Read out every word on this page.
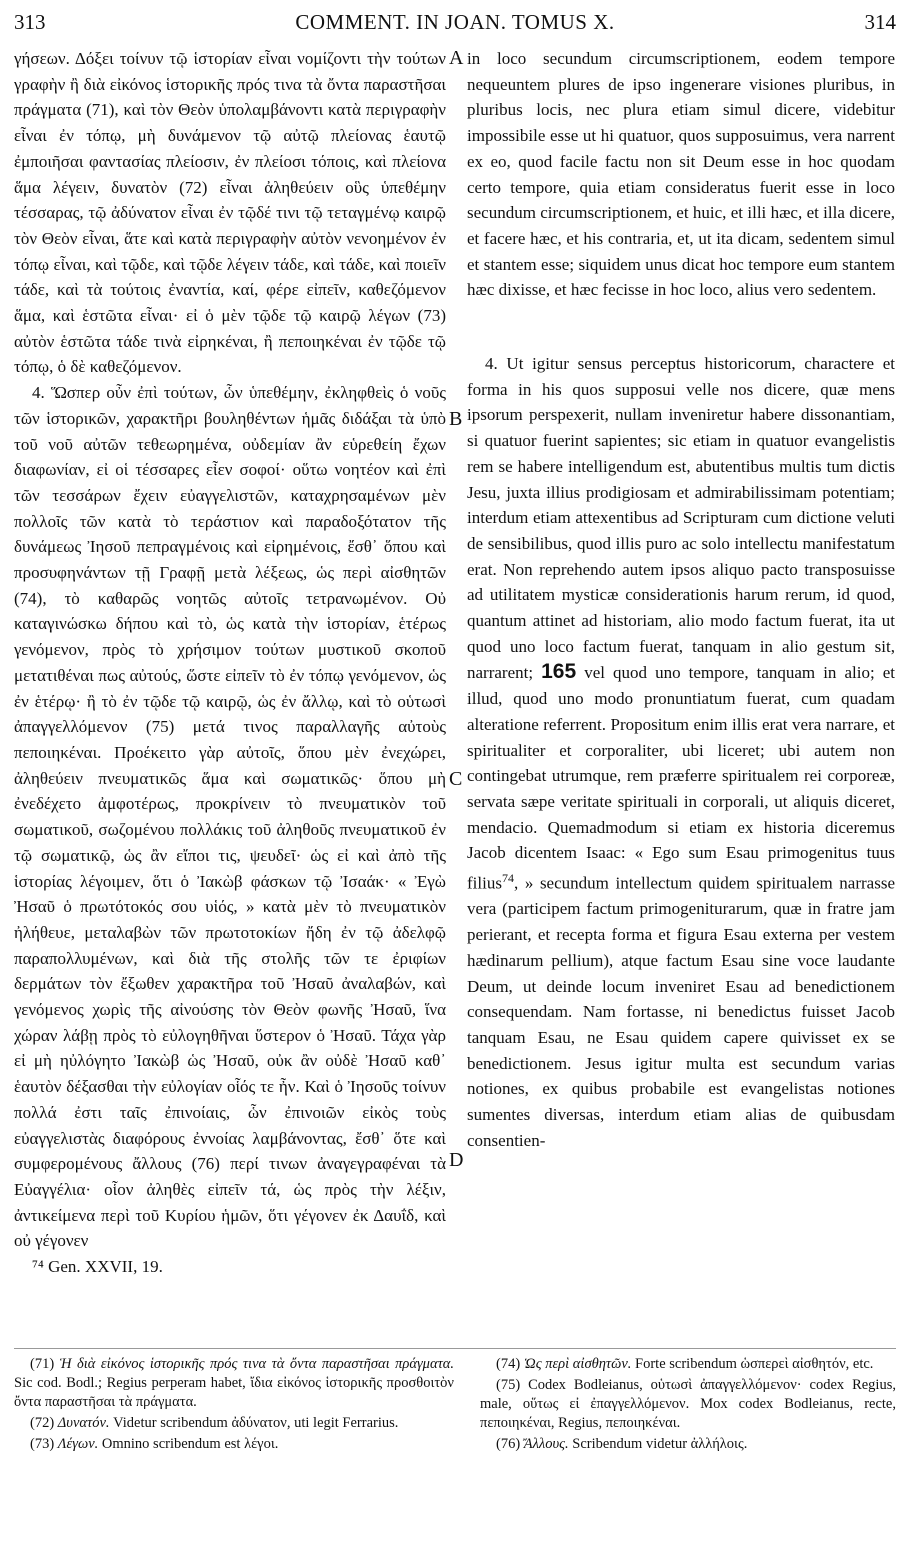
313	COMMENT. IN JOAN. TOMUS X.	314
A
B
C
D

γήσεων. Δόξει τοίνυν τῷ ἱστορίαν εἶναι νομίζοντι τὴν τούτων γραφὴν ἢ διὰ εἰκόνος ἱστορικῆς πρός τινα τὰ ὄντα παραστῆσαι πράγματα (71), καὶ τὸν Θεὸν ὑπολαμβάνοντι κατὰ περιγραφὴν εἶναι ἐν τόπῳ, μὴ δυνάμενον τῷ αὐτῷ πλείονας ἑαυτῷ ἐμποιῆσαι φαντασίας πλείοσιν, ἐν πλείοσι τόποις, καὶ πλείονα ἅμα λέγειν, δυνατὸν (72) εἶναι ἀληθεύειν οὓς ὑπεθέμην τέσσαρας, τῷ ἀδύνατον εἶναι ἐν τῷδέ τινι τῷ τεταγμένῳ καιρῷ τὸν Θεὸν εἶναι, ἅτε καὶ κατὰ περιγραφὴν αὐτὸν νενοημένον ἐν τόπῳ εἶναι, καὶ τῷδε, καὶ τῷδε λέγειν τάδε, καὶ τάδε, καὶ ποιεῖν τάδε, καὶ τὰ τούτοις ἐναντία, καί, φέρε εἰπεῖν, καθεζόμενον ἅμα, καὶ ἑστῶτα εἶναι· εἰ ὁ μὲν τῷδε τῷ καιρῷ λέγων (73) αὐτὸν ἑστῶτα τάδε τινὰ εἰρηκέναι, ἢ πεποιηκέναι ἐν τῷδε τῷ τόπῳ, ὁ δὲ καθεζόμενον.

4. Ὥσπερ οὖν ἐπὶ τούτων, ὧν ὑπεθέμην, ἐκληφθεὶς ὁ νοῦς τῶν ἱστορικῶν, χαρακτῆρι βουληθέντων ἡμᾶς διδάξαι τὰ ὑπὸ τοῦ νοῦ αὐτῶν τεθεωρημένα, οὐδεμίαν ἂν εὑρεθείη ἔχων διαφωνίαν, εἰ οἱ τέσσαρες εἶεν σοφοί· οὕτω νοητέον καὶ ἐπὶ τῶν τεσσάρων ἔχειν εὐαγγελιστῶν, καταχρησαμένων μὲν πολλοῖς τῶν κατὰ τὸ τεράστιον καὶ παραδοξότατον τῆς δυνάμεως Ἰησοῦ πεπραγμένοις καὶ εἰρημένοις, ἔσθ᾽ ὅπου καὶ προσυφηνάντων τῇ Γραφῇ μετὰ λέξεως, ὡς περὶ αἰσθητῶν (74), τὸ καθαρῶς νοητῶς αὐτοῖς τετρανωμένον. Οὐ καταγινώσκω δήπου καὶ τὸ, ὡς κατὰ τὴν ἱστορίαν, ἑτέρως γενόμενον, πρὸς τὸ χρήσιμον τούτων μυστικοῦ σκοποῦ μετατιθέναι πως αὐτούς, ὥστε εἰπεῖν τὸ ἐν τόπῳ γενόμενον, ὡς ἐν ἑτέρῳ· ἢ τὸ ἐν τῷδε τῷ καιρῷ, ὡς ἐν ἄλλῳ, καὶ τὸ οὑτωσὶ ἀπαγγελλόμενον (75) μετά τινος παραλλαγῆς αὐτοὺς πεποιηκέναι. Προέκειτο γὰρ αὐτοῖς, ὅπου μὲν ἐνεχώρει, ἀληθεύειν πνευματικῶς ἅμα καὶ σωματικῶς· ὅπου μὴ ἐνεδέχετο ἀμφοτέρως, προκρίνειν τὸ πνευματικὸν τοῦ σωματικοῦ, σωζομένου πολλάκις τοῦ ἀληθοῦς πνευματικοῦ ἐν τῷ σωματικῷ, ὡς ἂν εἴποι τις, ψευδεῖ· ὡς εἰ καὶ ἀπὸ τῆς ἱστορίας λέγοιμεν, ὅτι ὁ Ἰακὼβ φάσκων τῷ Ἰσαάκ· « Ἐγὼ Ἠσαῦ ὁ πρωτότοκός σου υἱός, » κατὰ μὲν τὸ πνευματικὸν ἠλήθευε, μεταλαβὼν τῶν πρωτοτοκίων ἤδη ἐν τῷ ἀδελφῷ παραπολλυμένων, καὶ διὰ τῆς στολῆς τῶν τε ἐριφίων δερμάτων τὸν ἔξωθεν χαρακτῆρα τοῦ Ἠσαῦ ἀναλαβών, καὶ γενόμενος χωρὶς τῆς αἰνούσης τὸν Θεὸν φωνῆς Ἠσαῦ, ἵνα χώραν λάβῃ πρὸς τὸ εὐλογηθῆναι ὕστερον ὁ Ἠσαῦ. Τάχα γὰρ εἰ μὴ ηὐλόγητο Ἰακὼβ ὡς Ἠσαῦ, οὐκ ἂν οὐδὲ Ἠσαῦ καθ᾽ ἑαυτὸν δέξασθαι τὴν εὐλογίαν οἷός τε ἦν. Καὶ ὁ Ἰησοῦς τοίνυν πολλά ἐστι ταῖς ἐπινοίαις, ὧν ἐπινοιῶν εἰκὸς τοὺς εὐαγγελιστὰς διαφόρους ἐννοίας λαμβάνοντας, ἔσθ᾽ ὅτε καὶ συμφερομένους ἄλλους (76) περί τινων ἀναγεγραφέναι τὰ Εὐαγγέλια· οἷον ἀληθὲς εἰπεῖν τά, ὡς πρὸς τὴν λέξιν, ἀντικείμενα περὶ τοῦ Κυρίου ἡμῶν, ὅτι γέγονεν ἐκ Δαυΐδ, καὶ οὐ γέγονεν

⁷⁴ Gen. XXVII, 19.

in loco secundum circumscriptionem, eodem tempore nequeuntem plures de ipso ingenerare visiones pluribus, in pluribus locis, nec plura etiam simul dicere, videbitur impossibile esse ut hi quatuor, quos supposuimus, vera narrent ex eo, quod facile factu non sit Deum esse in hoc quodam certo tempore, quia etiam consideratus fuerit esse in loco secundum circumscriptionem, et huic, et illi hæc, et illa dicere, et facere hæc, et his contraria, et, ut ita dicam, sedentem simul et stantem esse; siquidem unus dicat hoc tempore eum stantem hæc dixisse, et hæc fecisse in hoc loco, alius vero sedentem.

4. Ut igitur sensus perceptus historicorum, charactere et forma in his quos supposui velle nos dicere, quæ mens ipsorum perspexerit, nullam inveniretur habere dissonantiam, si quatuor fuerint sapientes; sic etiam in quatuor evangelistis rem se habere intelligendum est, abutentibus multis tum dictis Jesu, juxta illius prodigiosam et admirabilissimam potentiam; interdum etiam attexentibus ad Scripturam cum dictione veluti de sensibilibus, quod illis puro ac solo intellectu manifestatum erat. Non reprehendo autem ipsos aliquo pacto transposuisse ad utilitatem mysticæ considerationis harum rerum, id quod, quantum attinet ad historiam, alio modo factum fuerat, ita ut quod uno loco factum fuerat, tanquam in alio gestum sit, narrarent; 165 vel quod uno tempore, tanquam in alio; et illud, quod uno modo pronuntiatum fuerat, cum quadam alteratione referrent. Propositum enim illis erat vera narrare, et spiritualiter et corporaliter, ubi liceret; ubi autem non contingebat utrumque, rem præferre spiritualem rei corporeæ, servata sæpe veritate spirituali in corporali, ut aliquis diceret, mendacio. Quemadmodum si etiam ex historia diceremus Jacob dicentem Isaac: « Ego sum Esau primogenitus tuus filius$^{74}$, » secundum intellectum quidem spiritualem narrasse vera (participem factum primogeniturarum, quæ in fratre jam perierant, et recepta forma et figura Esau externa per vestem hædinarum pellium), atque factum Esau sine voce laudante Deum, ut deinde locum inveniret Esau ad benedictionem consequendam. Nam fortasse, ni benedictus fuisset Jacob tanquam Esau, ne Esau quidem capere quivisset ex se benedictionem. Jesus igitur multa est secundum varias notiones, ex quibus probabile est evangelistas notiones sumentes diversas, interdum etiam alias de quibusdam consentien-

(71) Ἡ διὰ εἰκόνος ἱστορικῆς πρός τινα τὰ ὄντα παραστῆσαι πράγματα. Sic cod. Bodl.; Regius perperam habet, ἴδια εἰκόνος ἱστορικῆς προσθοιτὸν ὄντα παραστῆσαι τὰ πράγματα.

(72) Δυνατόν. Videtur scribendum ἀδύνατον, uti legit Ferrarius.

(73) Λέγων. Omnino scribendum est λέγοι.

(74) Ὡς περὶ αἰσθητῶν. Forte scribendum ὡσπερεὶ αἰσθητόν, etc.

(75) Codex Bodleianus, οὑτωσὶ ἀπαγγελλόμενον· codex Regius, male, οὕτως εἰ ἐπαγγελλόμενον. Mox codex Bodleianus, recte, πεποιηκέναι, Regius, πεποιηκέναι.

(76) Ἄλλους. Scribendum videtur ἀλλήλοις.
